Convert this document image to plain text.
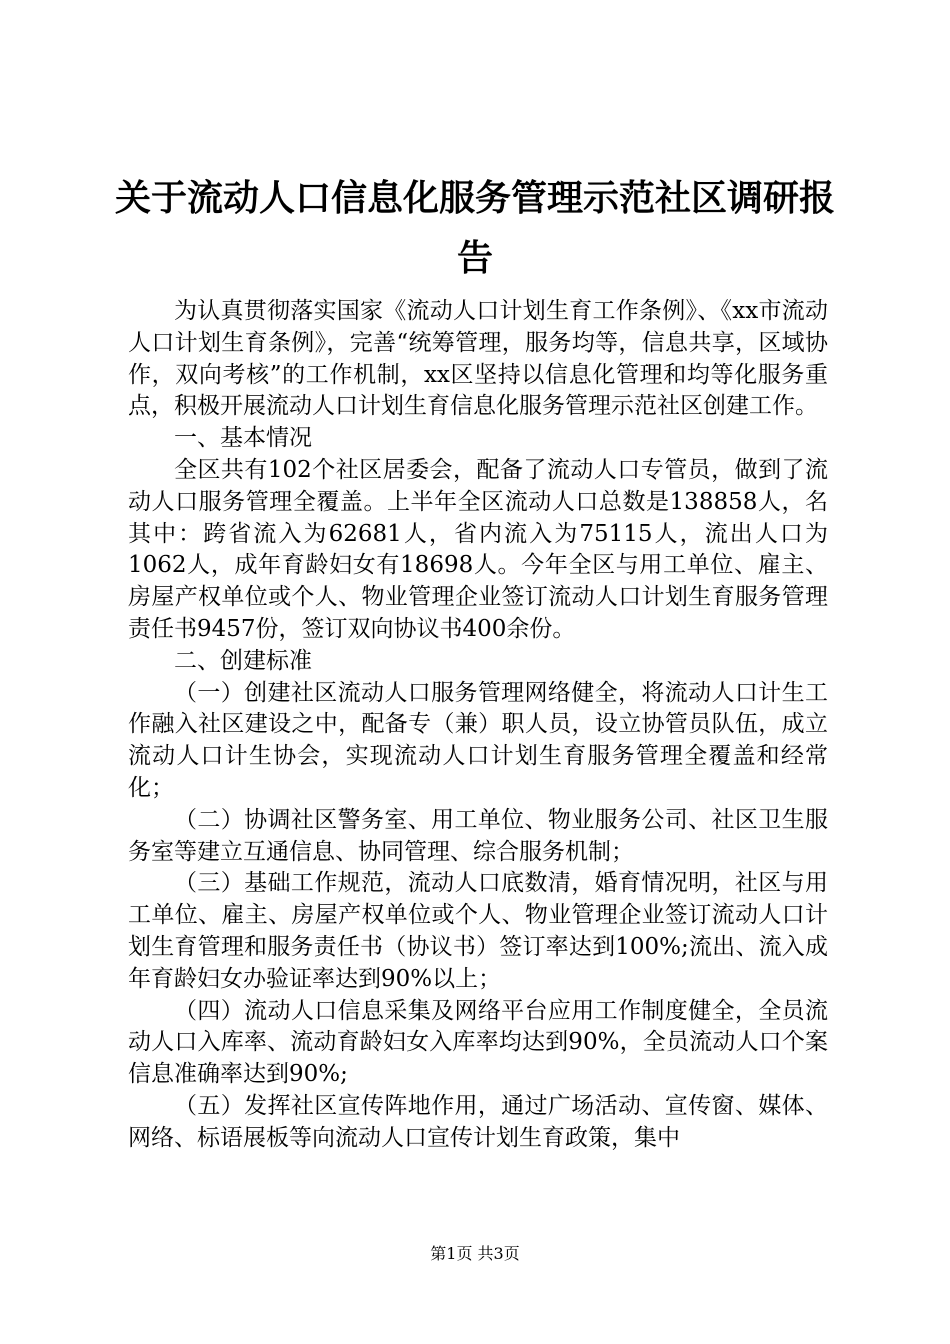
关于流动人口信息化服务管理示范社区调研报告

为认真贯彻落实国家《流动人口计划生育工作条例》、《xx市流动人口计划生育条例》，完善“统筹管理，服务均等，信息共享，区域协作，双向考核”的工作机制，xx区坚持以信息化管理和均等化服务重点，积极开展流动人口计划生育信息化服务管理示范社区创建工作。

一、基本情况

全区共有102个社区居委会，配备了流动人口专管员，做到了流动人口服务管理全覆盖。上半年全区流动人口总数是138858人，名其中：跨省流入为62681人，省内流入为75115人，流出人口为1062人，成年育龄妇女有18698人。今年全区与用工单位、雇主、房屋产权单位或个人、物业管理企业签订流动人口计划生育服务管理责任书9457份，签订双向协议书400余份。

二、创建标准

（一）创建社区流动人口服务管理网络健全，将流动人口计生工作融入社区建设之中，配备专（兼）职人员，设立协管员队伍，成立流动人口计生协会，实现流动人口计划生育服务管理全覆盖和经常化；

（二）协调社区警务室、用工单位、物业服务公司、社区卫生服务室等建立互通信息、协同管理、综合服务机制；

（三）基础工作规范，流动人口底数清，婚育情况明，社区与用工单位、雇主、房屋产权单位或个人、物业管理企业签订流动人口计划生育管理和服务责任书（协议书）签订率达到100%;流出、流入成年育龄妇女办验证率达到90%以上；

（四）流动人口信息采集及网络平台应用工作制度健全，全员流动人口入库率、流动育龄妇女入库率均达到90%，全员流动人口个案信息准确率达到90%;

（五）发挥社区宣传阵地作用，通过广场活动、宣传窗、媒体、网络、标语展板等向流动人口宣传计划生育政策，集中

第1页 共3页
